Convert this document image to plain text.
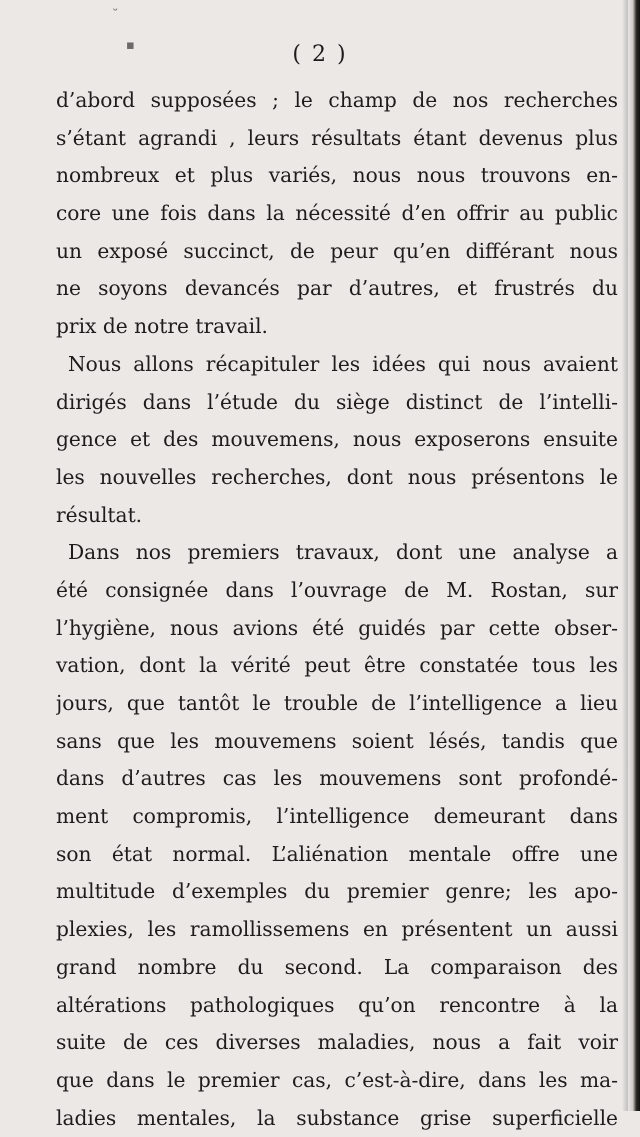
˘
▪	( 2 )
d’abord supposées ; le champ de nos recherches
s’étant agrandi , leurs résultats étant devenus plus
nombreux et plus variés, nous nous trouvons en-
core une fois dans la nécessité d’en offrir au public
un exposé succinct, de peur qu’en différant nous
ne soyons devancés par d’autres, et frustrés du
prix de notre travail.
Nous allons récapituler les idées qui nous avaient
dirigés dans l’étude du siège distinct de l’intelli-
gence et des mouvemens, nous exposerons ensuite
les nouvelles recherches, dont nous présentons le
résultat.
Dans nos premiers travaux, dont une analyse a
été consignée dans l’ouvrage de M. Rostan, sur
l’hygiène, nous avions été guidés par cette obser-
vation, dont la vérité peut être constatée tous les
jours, que tantôt le trouble de l’intelligence a lieu
sans que les mouvemens soient lésés, tandis que
dans d’autres cas les mouvemens sont profondé-
ment compromis, l’intelligence demeurant dans
son état normal. L’aliénation mentale offre une
multitude d’exemples du premier genre; les apo-
plexies, les ramollissemens en présentent un aussi
grand nombre du second. La comparaison des
altérations pathologiques qu’on rencontre à la
suite de ces diverses maladies, nous a fait voir
que dans le premier cas, c’est-à-dire, dans les ma-
ladies mentales, la substance grise superficielle
